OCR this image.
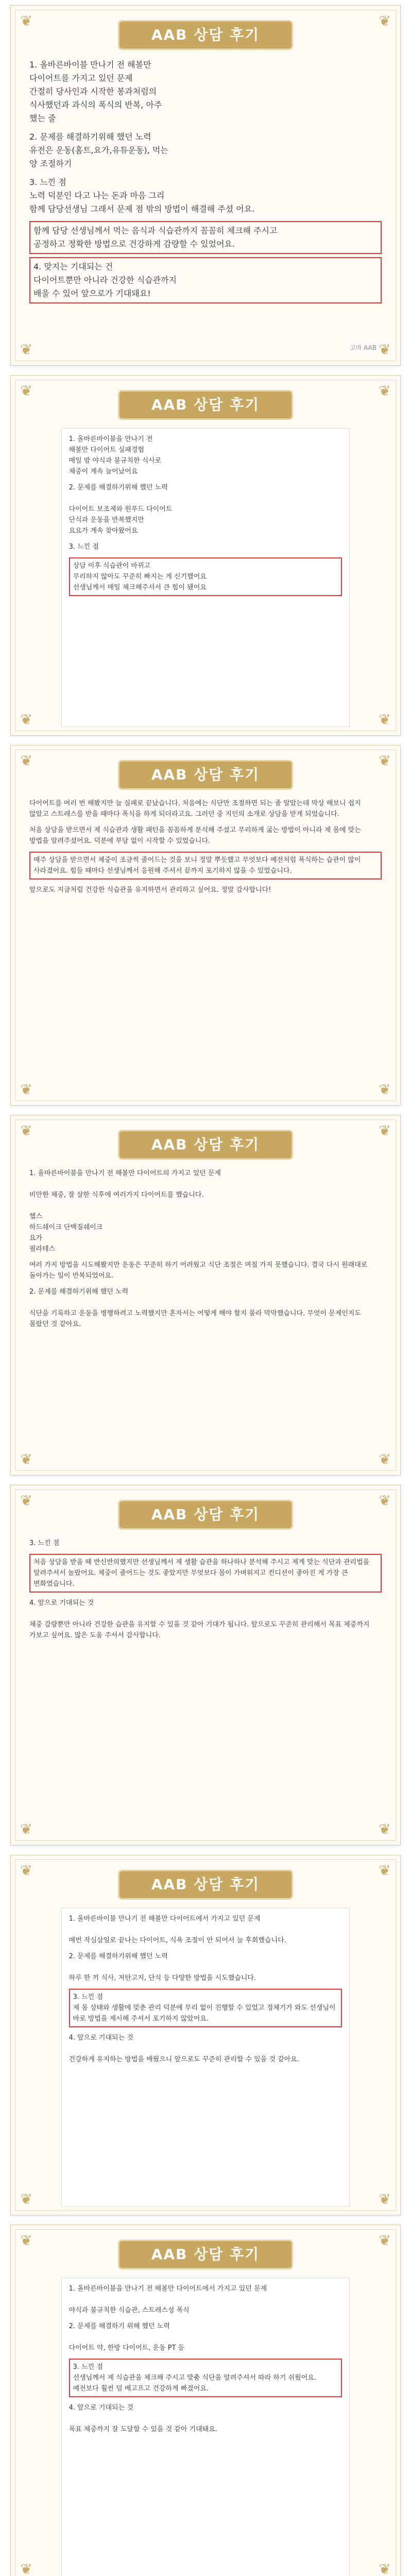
❦	❦
❦	❦
AAB 상담 후기

1. 올바른바이블 만나기 전 해볼만
다이어트를 가지고 있던 문제
간절히 당사인과 시작한 봉과처럼의
식사했던과 과식의 폭식의 반복, 아주
했는 줄

2. 문제를 해결하기위해 했던 노력
유전은 운동(홈트,요가,유튜운동), 먹는
양 조절하기

3. 느낀 점
노력 덕분인 다고 나는 돈과 마음 그리
함께 담당선생님 그래서 문제 점 밖의 방법이 해결해 주셨 어요.

함께 담당 선생님께서 먹는 음식과 식습관까지 꼼꼼히 체크해 주시고
공정하고 정확한 방법으로 건강하게 감량할 수 있었어요.
4. 맞지는 기대되는 건
다이어트뿐만 아니라 건강한 식습관까지
배울 수 있어 앞으로가 기대돼요!
고마 AAB
❦	❦
❦	❦
AAB 상담 후기

1. 올바른바이블을 만나기 전
해볼만 다이어트 실패경험
매일 밤 야식과 불규칙한 식사로
체중이 계속 늘어났어요

2. 문제를 해결하기위해 했던 노력

다이어트 보조제와 원푸드 다이어트
단식과 운동을 반복했지만
요요가 계속 찾아왔어요

3. 느낀 점

상담 이후 식습관이 바뀌고
무리하지 않아도 꾸준히 빠지는 게 신기했어요
선생님께서 매일 체크해주셔서 큰 힘이 됐어요
❦	❦
❦	❦
AAB 상담 후기

다이어트를 여러 번 해봤지만 늘 실패로 끝났습니다. 처음에는 식단만 조절하면 되는 줄 알았는데 막상 해보니 쉽지 않았고 스트레스를 받을 때마다 폭식을 하게 되더라고요. 그러던 중 지인의 소개로 상담을 받게 되었습니다.

처음 상담을 받으면서 제 식습관과 생활 패턴을 꼼꼼하게 분석해 주셨고 무리하게 굶는 방법이 아니라 제 몸에 맞는 방법을 알려주셨어요. 덕분에 부담 없이 시작할 수 있었습니다.

매주 상담을 받으면서 체중이 조금씩 줄어드는 것을 보니 정말 뿌듯했고 무엇보다 예전처럼 폭식하는 습관이 많이 사라졌어요. 힘들 때마다 선생님께서 응원해 주셔서 끝까지 포기하지 않을 수 있었습니다.

앞으로도 지금처럼 건강한 식습관을 유지하면서 관리하고 싶어요. 정말 감사합니다!

❦	❦
❦	❦
AAB 상담 후기

1. 올바른바이블을 만나기 전 해볼만 다이어트의 가지고 있던 문제

비만한 체중, 잘 살한 식후에 여러가지 다이어트를 했습니다.

헬스
하드쉐이크 단백질쉐이크
요가
필라테스

여러 가지 방법을 시도해봤지만 운동은 꾸준히 하기 어려웠고 식단 조절은 며칠 가지 못했습니다. 결국 다시 원래대로 돌아가는 일이 반복되었어요.

2. 문제를 해결하기위해 했던 노력

식단을 기록하고 운동을 병행하려고 노력했지만 혼자서는 어떻게 해야 할지 몰라 막막했습니다. 무엇이 문제인지도 몰랐던 것 같아요.

❦	❦
❦	❦
AAB 상담 후기

3. 느낀 점

처음 상담을 받을 때 반신반의했지만 선생님께서 제 생활 습관을 하나하나 분석해 주시고 제게 맞는 식단과 관리법을 알려주셔서 놀랐어요. 체중이 줄어드는 것도 좋았지만 무엇보다 몸이 가벼워지고 컨디션이 좋아진 게 가장 큰 변화였습니다.

4. 앞으로 기대되는 것

체중 감량뿐만 아니라 건강한 습관을 유지할 수 있을 것 같아 기대가 됩니다. 앞으로도 꾸준히 관리해서 목표 체중까지 가보고 싶어요. 많은 도움 주셔서 감사합니다.

❦	❦
❦	❦
AAB 상담 후기

1. 올바른바이블 만나기 전 해볼만 다이어트에서 가지고 있던 문제

매번 작심삼일로 끝나는 다이어트, 식욕 조절이 안 되어서 늘 후회했습니다.

2. 문제를 해결하기위해 했던 노력

하루 한 끼 식사, 저탄고지, 단식 등 다양한 방법을 시도했습니다.

3. 느낀 점
제 몸 상태와 생활에 맞춘 관리 덕분에 무리 없이 진행할 수 있었고 정체기가 와도 선생님이 바로 방법을 제시해 주셔서 포기하지 않았어요.

4. 앞으로 기대되는 것

건강하게 유지하는 방법을 배웠으니 앞으로도 꾸준히 관리할 수 있을 것 같아요.

❦	❦
❦	❦
AAB 상담 후기

1. 올바른바이블을 만나기 전 해볼만 다이어트에서 가지고 있던 문제

야식과 불규칙한 식습관, 스트레스성 폭식

2. 문제를 해결하기 위해 했던 노력

다이어트 약, 한방 다이어트, 운동 PT 등

3. 느낀 점
선생님께서 제 식습관을 체크해 주시고 맞춤 식단을 알려주셔서 따라 하기 쉬웠어요. 예전보다 훨씬 덜 배고프고 건강하게 빠졌어요.

4. 앞으로 기대되는 것

목표 체중까지 잘 도달할 수 있을 것 같아 기대돼요.
